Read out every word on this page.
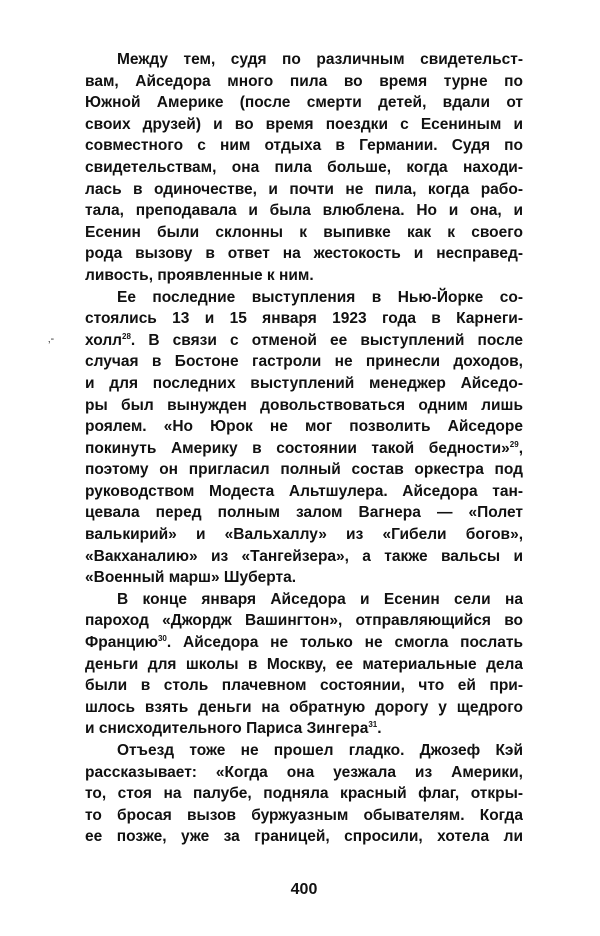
Между тем, судя по различным свидетельст-
вам, Айседора много пила во время турне по
Южной Америке (после смерти детей, вдали от
своих друзей) и во время поездки с Есениным и
совместного с ним отдыха в Германии. Судя по
свидетельствам, она пила больше, когда находи-
лась в одиночестве, и почти не пила, когда рабо-
тала, преподавала и была влюблена. Но и она, и
Есенин были склонны к выпивке как к своего
рода вызову в ответ на жестокость и несправед-
ливость, проявленные к ним.
Ее последние выступления в Нью-Йорке со-
стоялись 13 и 15 января 1923 года в Карнеги-
холл$^{28}$. В связи с отменой ее выступлений после
случая в Бостоне гастроли не принесли доходов,
и для последних выступлений менеджер Айседо-
ры был вынужден довольствоваться одним лишь
роялем. «Но Юрок не мог позволить Айседоре
покинуть Америку в состоянии такой бедности»$^{29}$,
поэтому он пригласил полный состав оркестра под
руководством Модеста Альтшулера. Айседора тан-
цевала перед полным залом Вагнера — «Полет
валькирий» и «Вальхаллу» из «Гибели богов»,
«Вакханалию» из «Тангейзера», а также вальсы и
«Военный марш» Шуберта.
В конце января Айседора и Есенин сели на
пароход «Джордж Вашингтон», отправляющийся во
Францию$^{30}$. Айседора не только не смогла послать
деньги для школы в Москву, ее материальные дела
были в столь плачевном состоянии, что ей при-
шлось взять деньги на обратную дорогу у щедрого
и снисходительного Париса Зингера$^{31}$.
Отъезд тоже не прошел гладко. Джозеф Кэй
рассказывает: «Когда она уезжала из Америки,
то, стоя на палубе, подняла красный флаг, откры-
то бросая вызов буржуазным обывателям. Когда
ее позже, уже за границей, спросили, хотела ли
‚-
400
